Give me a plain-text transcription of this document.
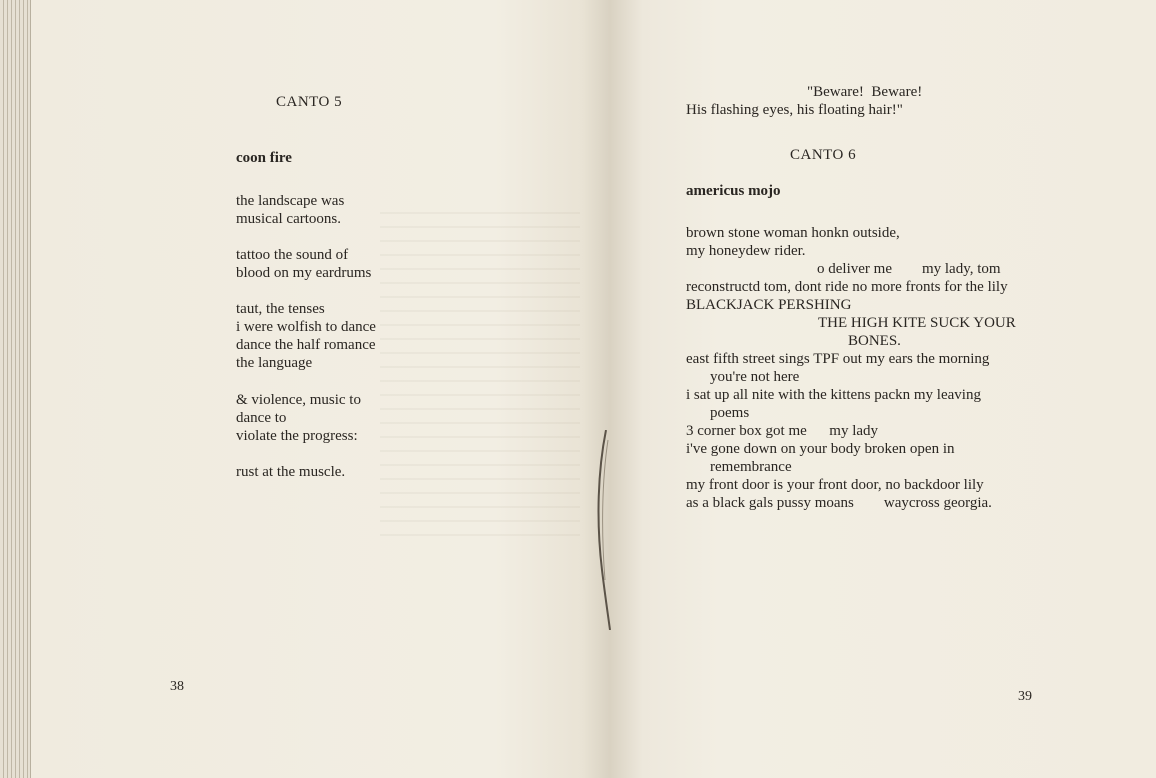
CANTO 5
coon fire
the landscape was
musical cartoons.
tattoo the sound of
blood on my eardrums
taut, the tenses
i were wolfish to dance
dance the half romance
the language
& violence, music to
dance to
violate the progress:
rust at the muscle.
38
"Beware!  Beware!
His flashing eyes, his floating hair!"
CANTO 6
americus mojo
brown stone woman honkn outside,
my honeydew rider.
o deliver me        my lady, tom
reconstructd tom, dont ride no more fronts for the lily
BLACKJACK PERSHING
THE HIGH KITE SUCK YOUR
BONES.
east fifth street sings TPF out my ears the morning
you're not here
i sat up all nite with the kittens packn my leaving
poems
3 corner box got me      my lady
i've gone down on your body broken open in
remembrance
my front door is your front door, no backdoor lily
as a black gals pussy moans        waycross georgia.
39
